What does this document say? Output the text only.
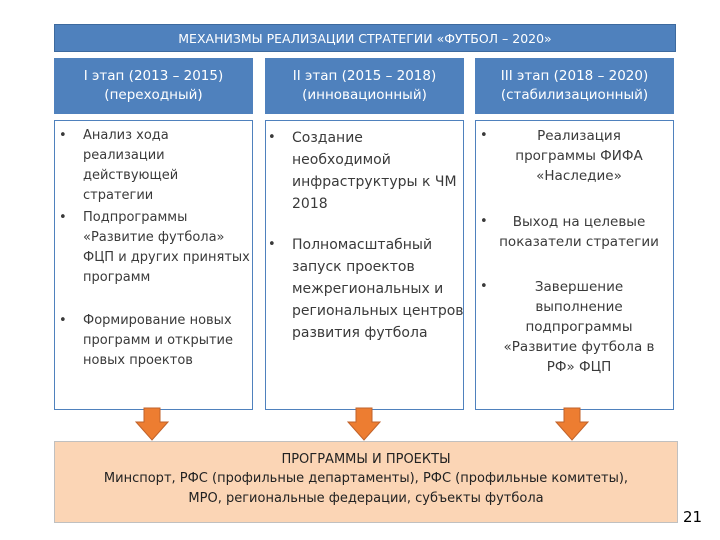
МЕХАНИЗМЫ РЕАЛИЗАЦИИ СТРАТЕГИИ «ФУТБОЛ – 2020»
I этап (2013 – 2015)
(переходный)
II этап (2015 – 2018)
(инновационный)
III этап (2018 – 2020)
(стабилизационный)
• Анализ хода
реализации
действующей стратегии
• Подпрограммы
«Развитие футбола»
ФЦП и других принятых
программ
• Формирование новых
программ и открытие
новых проектов
• Создание
необходимой
инфраструктуры к ЧМ
2018
• Полномасштабный
запуск проектов
межрегиональных и
региональных центров
развития футбола
•	Реализация
программы ФИФА
«Наследие»
•	Выход на целевые
показатели стратегии
•	Завершение
выполнение
подпрограммы
«Развитие футбола в
РФ» ФЦП
ПРОГРАММЫ И ПРОЕКТЫ
Минспорт, РФС (профильные департаменты), РФС (профильные комитеты),
МРО, региональные федерации, субъекты футбола
21
